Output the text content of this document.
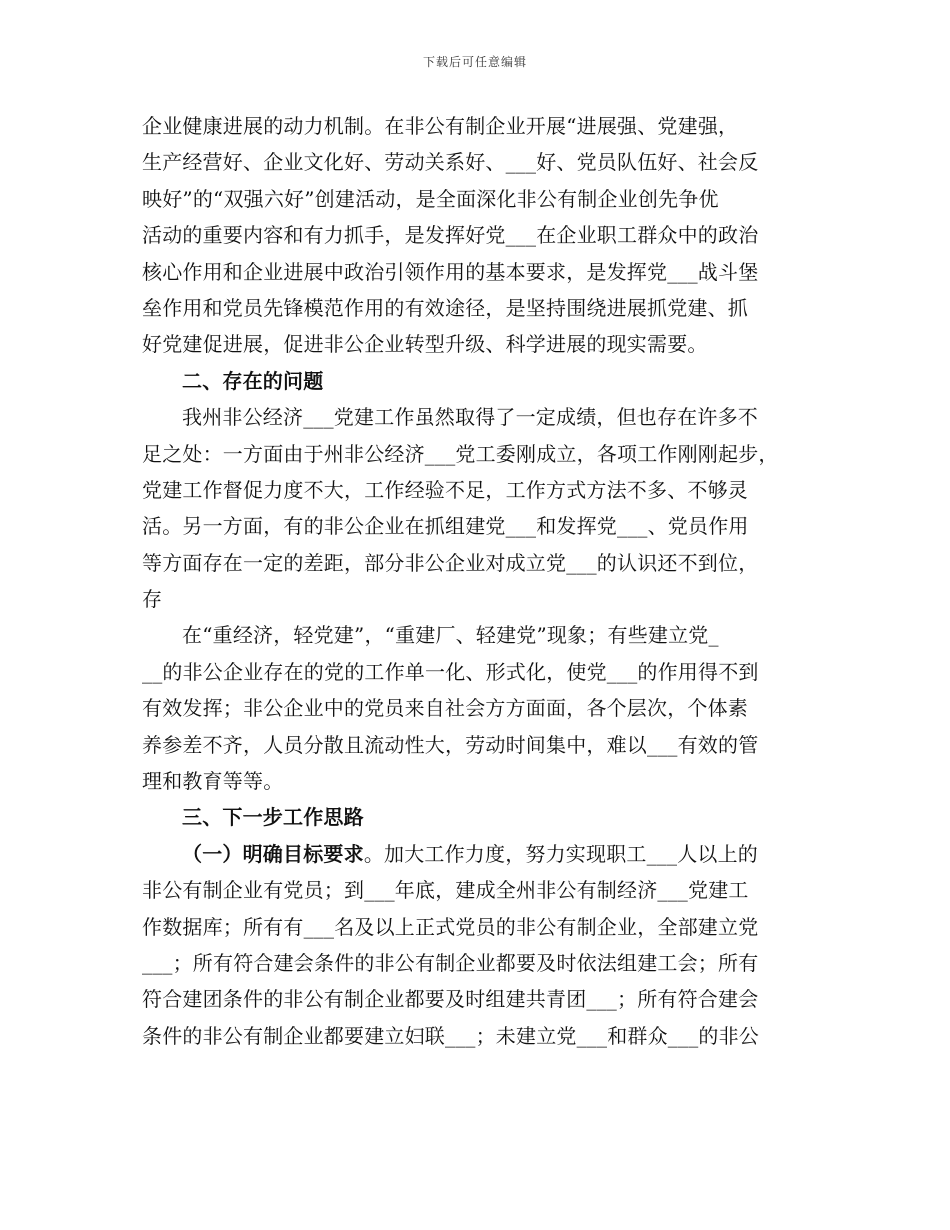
下载后可任意编辑
企业健康进展的动力机制。在非公有制企业开展“进展强、党建强，
生产经营好、企业文化好、劳动关系好、___好、党员队伍好、社会反
映好”的“双强六好”创建活动，是全面深化非公有制企业创先争优
活动的重要内容和有力抓手，是发挥好党___在企业职工群众中的政治
核心作用和企业进展中政治引领作用的基本要求，是发挥党___战斗堡
垒作用和党员先锋模范作用的有效途径，是坚持围绕进展抓党建、抓
好党建促进展，促进非公企业转型升级、科学进展的现实需要。
二、存在的问题
我州非公经济___党建工作虽然取得了一定成绩，但也存在许多不
足之处：一方面由于州非公经济___党工委刚成立，各项工作刚刚起步，
党建工作督促力度不大，工作经验不足，工作方式方法不多、不够灵
活。另一方面，有的非公企业在抓组建党___和发挥党___、党员作用
等方面存在一定的差距，部分非公企业对成立党___的认识还不到位，
存
在“重经济，轻党建”，“重建厂、轻建党”现象；有些建立党_
__的非公企业存在的党的工作单一化、形式化，使党___的作用得不到
有效发挥；非公企业中的党员来自社会方方面面，各个层次，个体素
养参差不齐，人员分散且流动性大，劳动时间集中，难以___有效的管
理和教育等等。
三、下一步工作思路
（一）明确目标要求。加大工作力度，努力实现职工___人以上的
非公有制企业有党员；到___年底，建成全州非公有制经济___党建工
作数据库；所有有___名及以上正式党员的非公有制企业，全部建立党
___；所有符合建会条件的非公有制企业都要及时依法组建工会；所有
符合建团条件的非公有制企业都要及时组建共青团___；所有符合建会
条件的非公有制企业都要建立妇联___；未建立党___和群众___的非公
